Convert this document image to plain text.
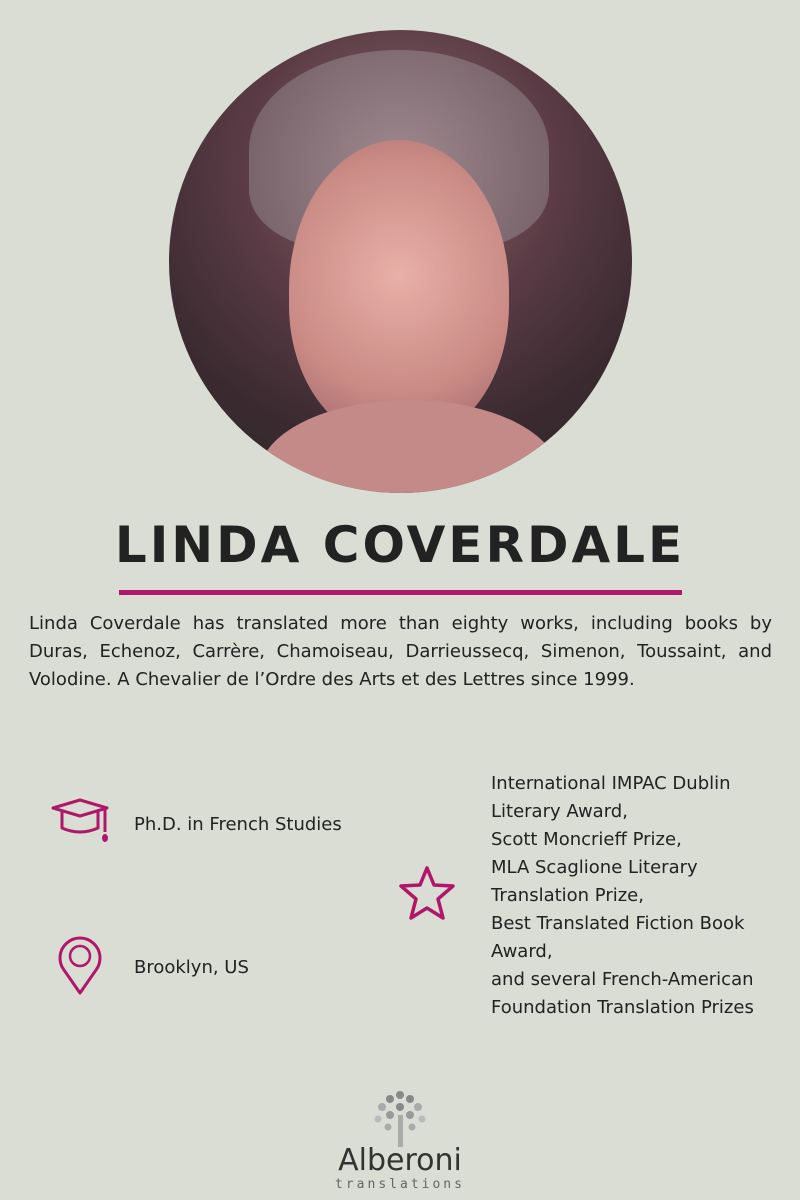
LINDA COVERDALE
Linda Coverdale has translated more than eighty works, including books by Duras, Echenoz, Carrère, Chamoiseau, Darrieussecq, Simenon, Toussaint, and Volodine. A Chevalier de l’Ordre des Arts et des Lettres since 1999.
Ph.D. in French Studies
Brooklyn, US
International IMPAC Dublin Literary Award,
Scott Moncrieff Prize,
MLA Scaglione Literary Translation Prize,
Best Translated Fiction Book Award,
and several French-American Foundation Translation Prizes
Alberoni
translations
